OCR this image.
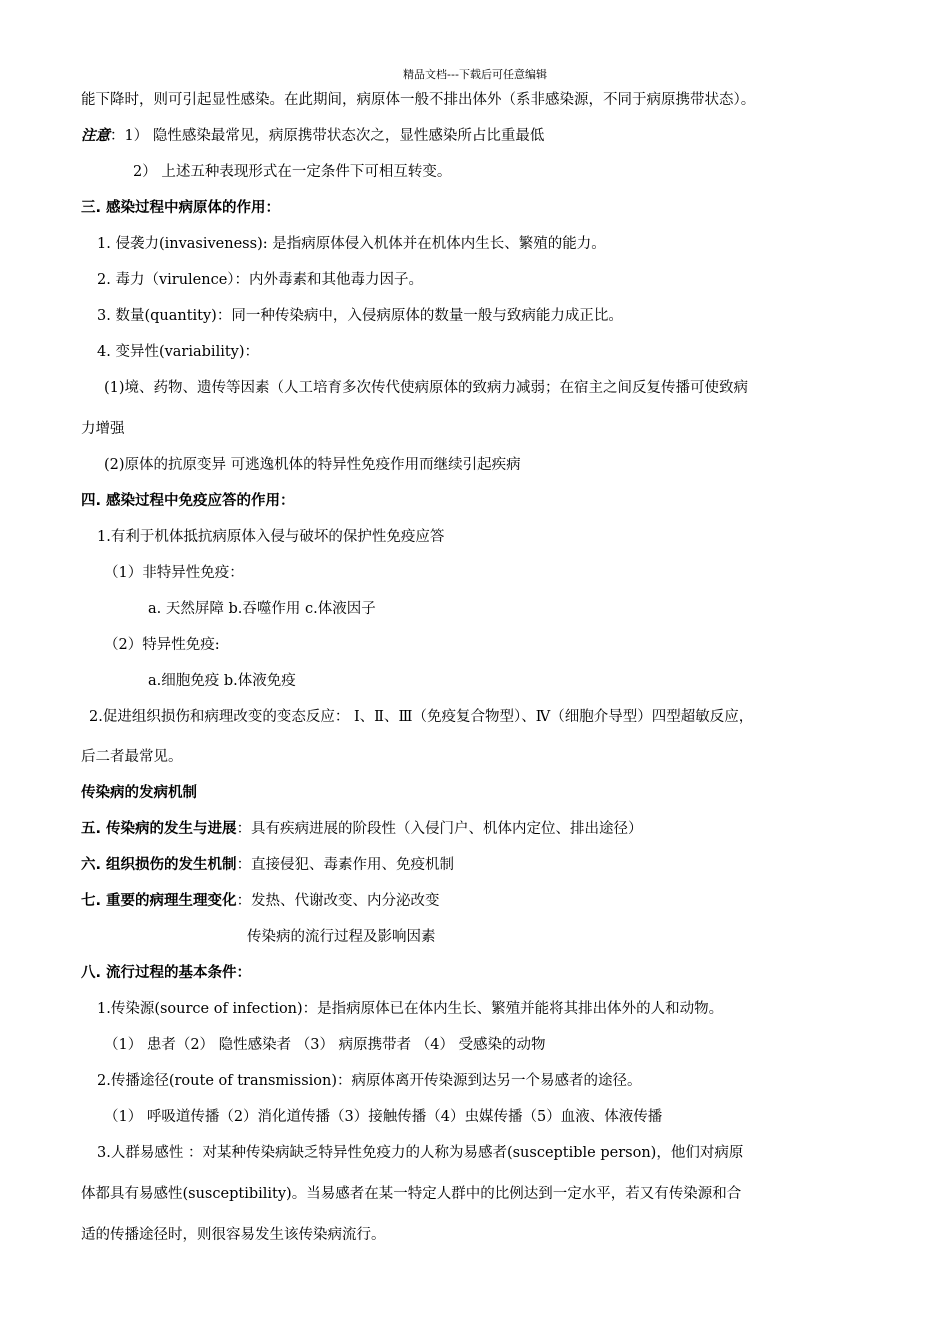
精品文档---下载后可任意编辑
能下降时，则可引起显性感染。在此期间，病原体一般不排出体外（系非感染源，不同于病原携带状态）。
注意：1） 隐性感染最常见，病原携带状态次之，显性感染所占比重最低
2） 上述五种表现形式在一定条件下可相互转变。
三. 感染过程中病原体的作用：
1. 侵袭力(invasiveness): 是指病原体侵入机体并在机体内生长、繁殖的能力。
2. 毒力（virulence）：内外毒素和其他毒力因子。
3. 数量(quantity)：同一种传染病中，入侵病原体的数量一般与致病能力成正比。
4. 变异性(variability)：
(1)境、药物、遗传等因素（人工培育多次传代使病原体的致病力减弱；在宿主之间反复传播可使致病
力增强
(2)原体的抗原变异 可逃逸机体的特异性免疫作用而继续引起疾病
四. 感染过程中免疫应答的作用：
1.有利于机体抵抗病原体入侵与破坏的保护性免疫应答
（1）非特异性免疫：
a. 天然屏障 b.吞噬作用 c.体液因子
（2）特异性免疫:
a.细胞免疫 b.体液免疫
2.促进组织损伤和病理改变的变态反应： Ⅰ、Ⅱ、Ⅲ（免疫复合物型）、Ⅳ（细胞介导型）四型超敏反应，
后二者最常见。
传染病的发病机制
五. 传染病的发生与进展：具有疾病进展的阶段性（入侵门户、机体内定位、排出途径）
六. 组织损伤的发生机制：直接侵犯、毒素作用、免疫机制
七. 重要的病理生理变化：发热、代谢改变、内分泌改变
传染病的流行过程及影响因素
八. 流行过程的基本条件：
1.传染源(source of infection)：是指病原体已在体内生长、繁殖并能将其排出体外的人和动物。
（1） 患者（2） 隐性感染者 （3） 病原携带者 （4） 受感染的动物
2.传播途径(route of transmission)：病原体离开传染源到达另一个易感者的途径。
（1） 呼吸道传播（2）消化道传播（3）接触传播（4）虫媒传播（5）血液、体液传播
3.人群易感性 ：对某种传染病缺乏特异性免疫力的人称为易感者(susceptible person)，他们对病原
体都具有易感性(susceptibility)。当易感者在某一特定人群中的比例达到一定水平，若又有传染源和合
适的传播途径时，则很容易发生该传染病流行。
